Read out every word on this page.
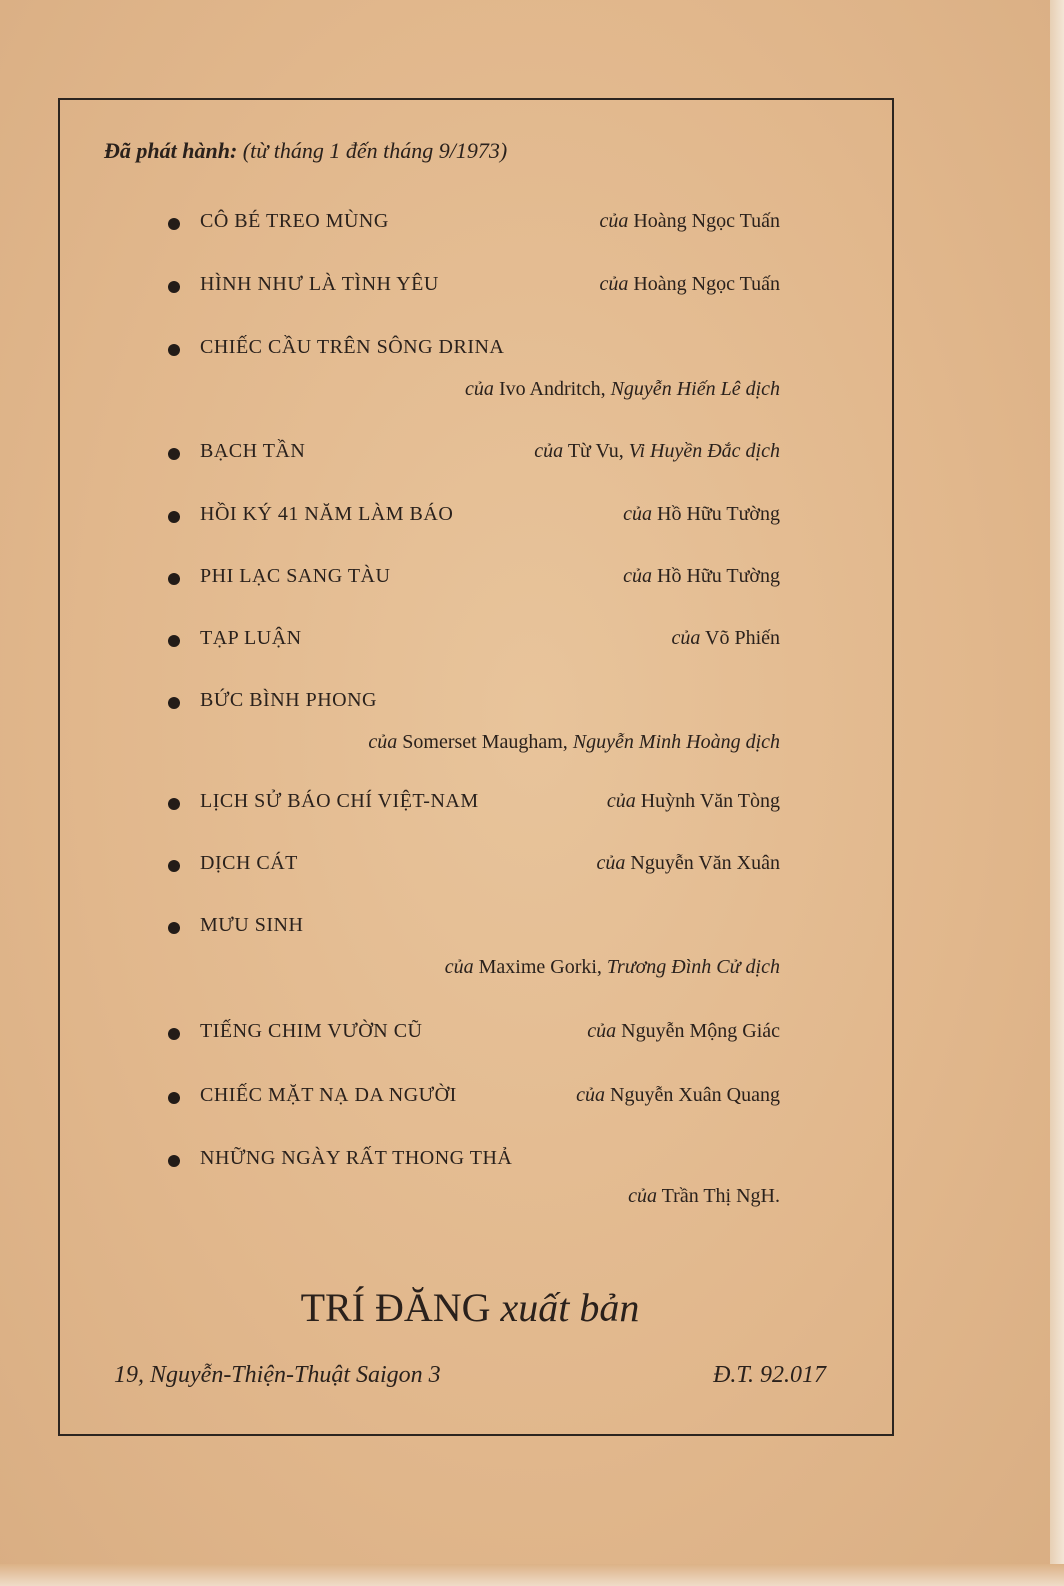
Đã phát hành: (từ tháng 1 đến tháng 9/1973)
CÔ BÉ TREO MÙNG	của Hoàng Ngọc Tuấn
HÌNH NHƯ LÀ TÌNH YÊU	của Hoàng Ngọc Tuấn
CHIẾC CẦU TRÊN SÔNG DRINA
của Ivo Andritch, Nguyễn Hiến Lê dịch
BẠCH TẦN	của Từ Vu, Vi Huyền Đắc dịch
HỒI KÝ 41 NĂM LÀM BÁO	của Hồ Hữu Tường
PHI LẠC SANG TÀU	của Hồ Hữu Tường
TẠP LUẬN	của Võ Phiến
BỨC BÌNH PHONG
của Somerset Maugham, Nguyễn Minh Hoàng dịch
LỊCH SỬ BÁO CHÍ VIỆT-NAM	của Huỳnh Văn Tòng
DỊCH CÁT	của Nguyễn Văn Xuân
MƯU SINH
của Maxime Gorki, Trương Đình Cử dịch
TIẾNG CHIM VƯỜN CŨ	của Nguyễn Mộng Giác
CHIẾC MẶT NẠ DA NGƯỜI	của Nguyễn Xuân Quang
NHỮNG NGÀY RẤT THONG THẢ
của Trần Thị NgH.
TRÍ ĐĂNG xuất bản
19, Nguyễn-Thiện-Thuật Saigon 3	Đ.T. 92.017
